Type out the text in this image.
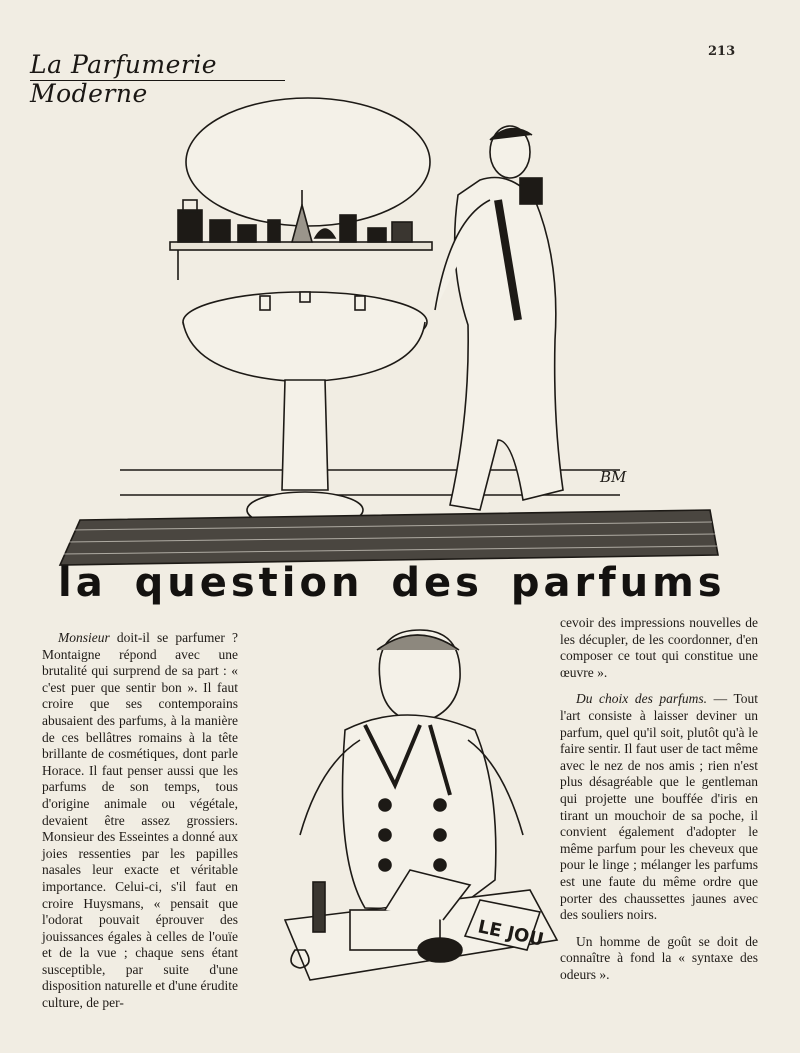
La Parfumerie Moderne
213
BM
la question des parfums
LE JOU

Monsieur doit-il se parfumer ? Montaigne répond avec une brutalité qui surprend de sa part : « c'est puer que sentir bon ». Il faut croire que ses contemporains abusaient des parfums, à la manière de ces bellâtres romains à la tête brillante de cosmétiques, dont parle Horace. Il faut penser aussi que les parfums de son temps, tous d'origine animale ou végétale, devaient être assez grossiers. Monsieur des Esseintes a donné aux joies ressenties par les papilles nasales leur exacte et véritable importance. Celui-ci, s'il faut en croire Huysmans, « pensait que l'odorat pouvait éprouver des jouissances égales à celles de l'ouïe et de la vue ; chaque sens étant susceptible, par suite d'une disposition naturelle et d'une érudite culture, de per-

cevoir des impressions nouvelles de les décupler, de les coordonner, d'en composer ce tout qui constitue une œuvre ».

Du choix des parfums. — Tout l'art consiste à laisser deviner un parfum, quel qu'il soit, plutôt qu'à le faire sentir. Il faut user de tact même avec le nez de nos amis ; rien n'est plus désagréable que le gentleman qui projette une bouffée d'iris en tirant un mouchoir de sa poche, il convient également d'adopter le même parfum pour les cheveux que pour le linge ; mélanger les parfums est une faute du même ordre que porter des chaussettes jaunes avec des souliers noirs.

Un homme de goût se doit de connaître à fond la « syntaxe des odeurs ».
